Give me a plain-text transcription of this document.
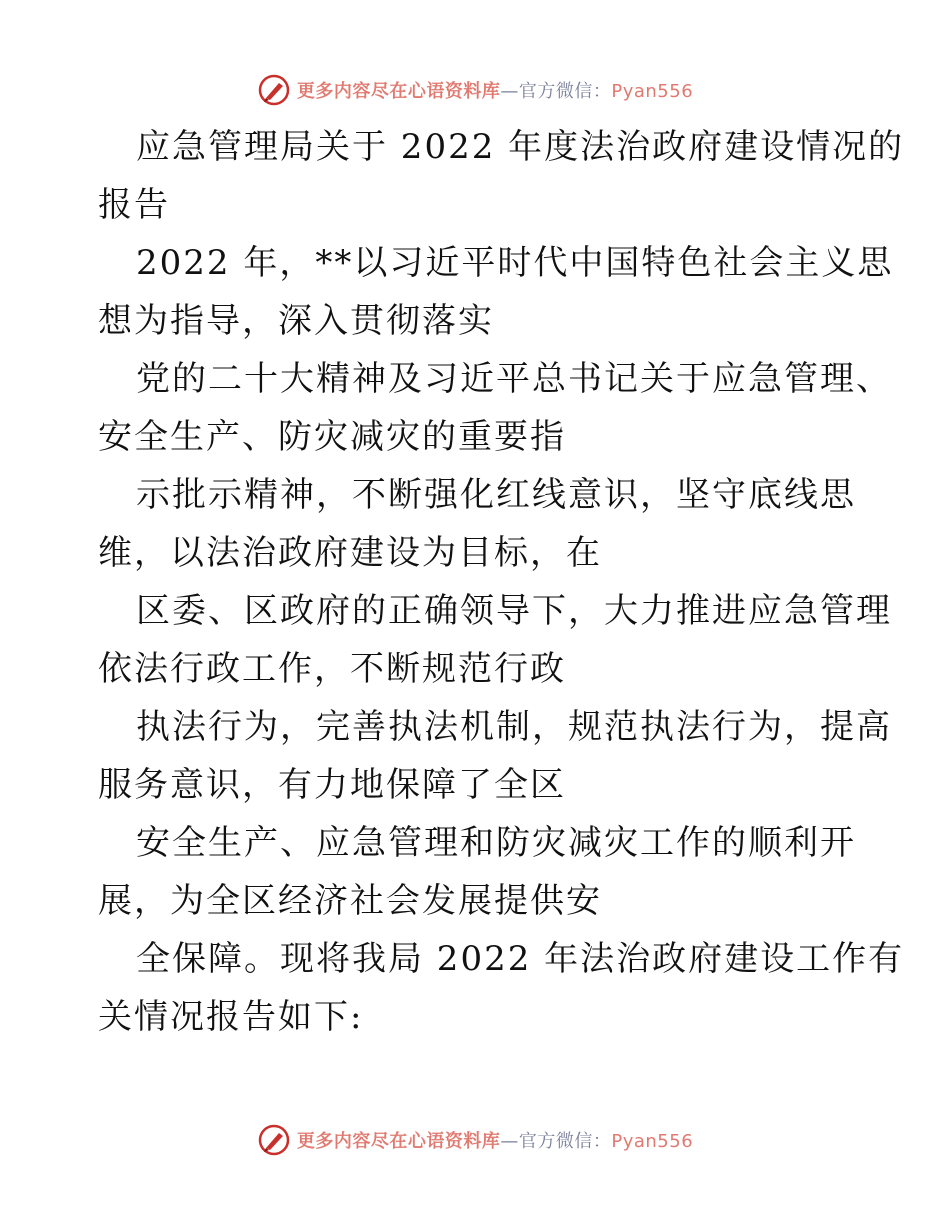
更多内容尽在心语资料库—官方微信：Pyan556
应急管理局关于 2022 年度法治政府建设情况的
报告
2022 年，**以习近平时代中国特色社会主义思
想为指导，深入贯彻落实
党的二十大精神及习近平总书记关于应急管理、
安全生产、防灾减灾的重要指
示批示精神，不断强化红线意识，坚守底线思
维，以法治政府建设为目标，在
区委、区政府的正确领导下，大力推进应急管理
依法行政工作，不断规范行政
执法行为，完善执法机制，规范执法行为，提高
服务意识，有力地保障了全区
安全生产、应急管理和防灾减灾工作的顺利开
展，为全区经济社会发展提供安
全保障。现将我局 2022 年法治政府建设工作有
关情况报告如下:
更多内容尽在心语资料库—官方微信：Pyan556
